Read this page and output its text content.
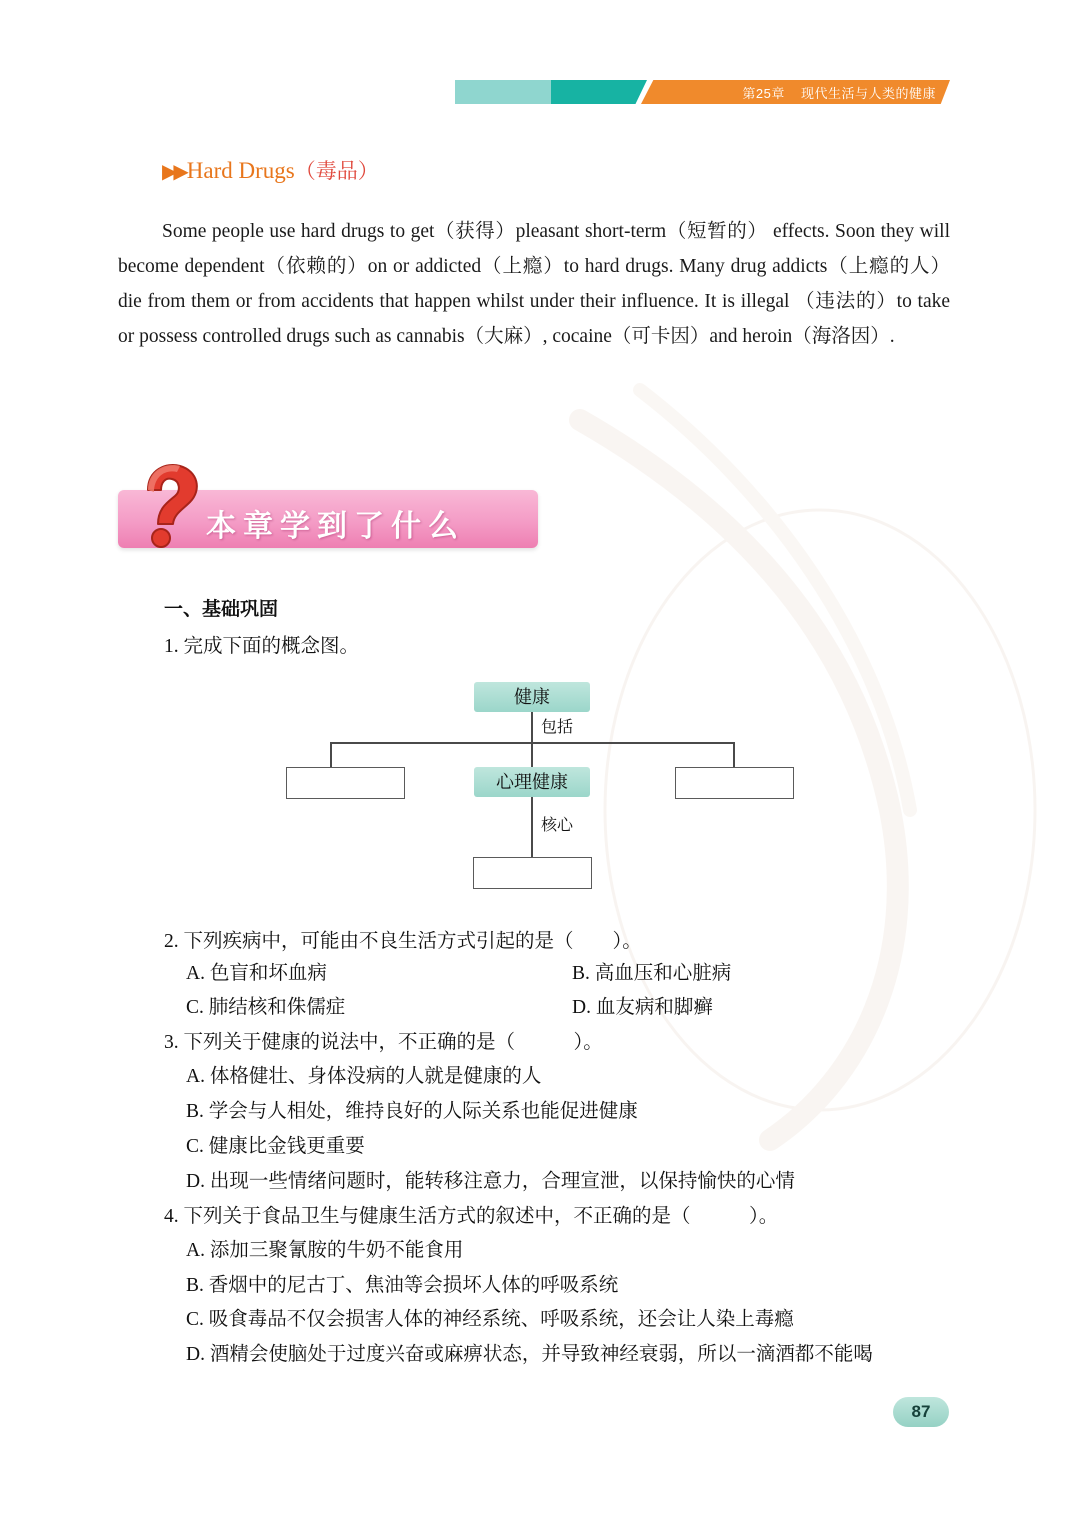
第25章 现代生活与人类的健康
▶▶Hard Drugs（毒品）
Some people use hard drugs to get（获得）pleasant short-term（短暂的） effects. Soon they will become dependent（依赖的）on or addicted（上瘾）to hard drugs. Many drug addicts（上瘾的人） die from them or from accidents that happen whilst under their influence. It is illegal （违法的）to take or possess controlled drugs such as cannabis（大麻）, cocaine（可卡因）and heroin（海洛因）.
本章学到了什么
一、基础巩固
1. 完成下面的概念图。
健康
包括
心理健康
核心
2. 下列疾病中，可能由不良生活方式引起的是（　　）。
A. 色盲和坏血病	B. 高血压和心脏病
C. 肺结核和侏儒症	D. 血友病和脚癣
3. 下列关于健康的说法中，不正确的是（　　　）。
A. 体格健壮、身体没病的人就是健康的人
B. 学会与人相处，维持良好的人际关系也能促进健康
C. 健康比金钱更重要
D. 出现一些情绪问题时，能转移注意力，合理宣泄，以保持愉快的心情
4. 下列关于食品卫生与健康生活方式的叙述中，不正确的是（　　　）。
A. 添加三聚氰胺的牛奶不能食用
B. 香烟中的尼古丁、焦油等会损坏人体的呼吸系统
C. 吸食毒品不仅会损害人体的神经系统、呼吸系统，还会让人染上毒瘾
D. 酒精会使脑处于过度兴奋或麻痹状态，并导致神经衰弱，所以一滴酒都不能喝
87
